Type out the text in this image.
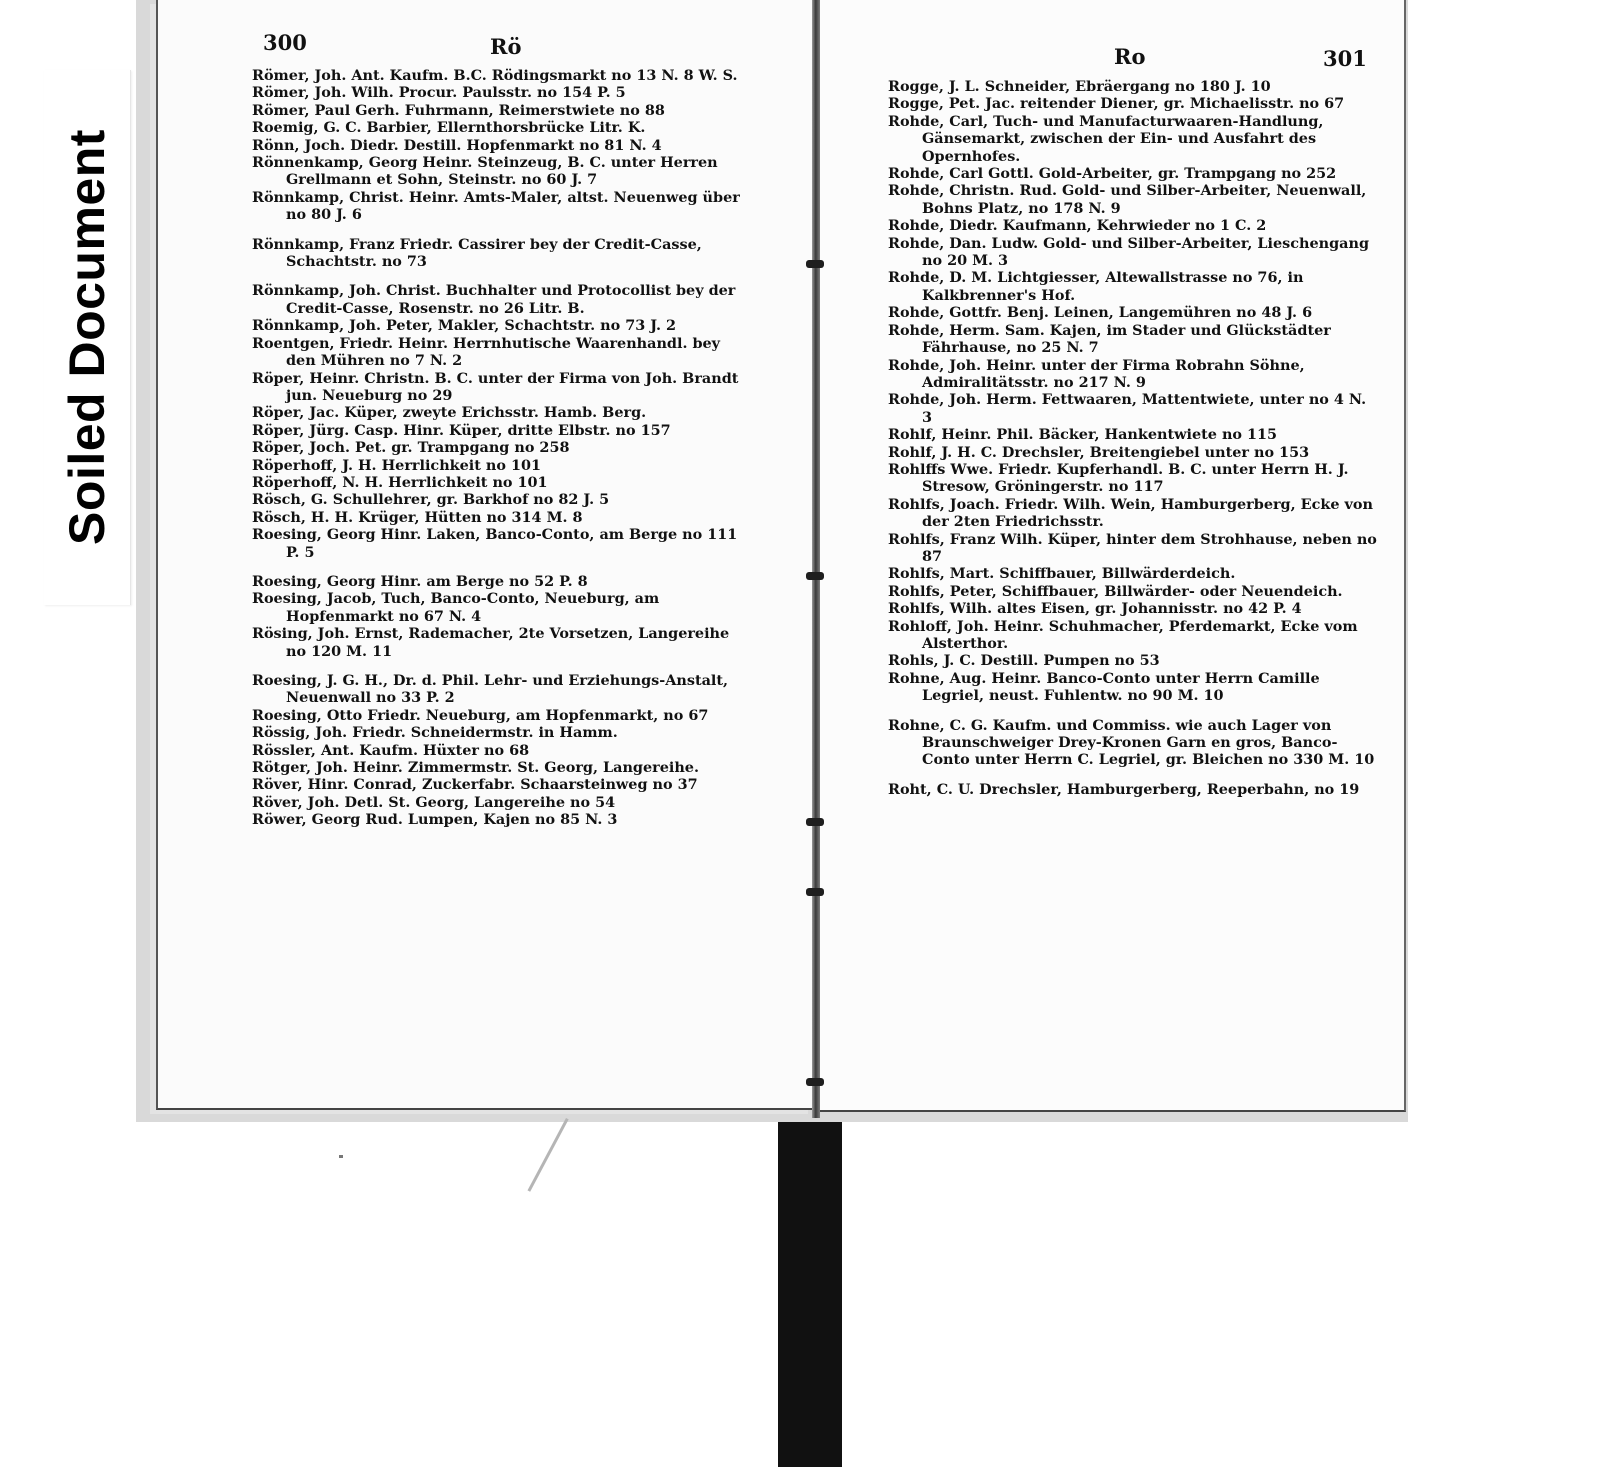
Soiled Document
300	Rö	Ro	301
Römer, Joh. Ant. Kaufm. B.C. Rödingsmarkt no 13 N. 8 W. S.
Römer, Joh. Wilh. Procur. Paulsstr. no 154 P. 5
Römer, Paul Gerh. Fuhrmann, Reimerstwiete no 88
Roemig, G. C. Barbier, Ellernthorsbrücke Litr. K.
Rönn, Joch. Diedr. Destill. Hopfenmarkt no 81 N. 4
Rönnenkamp, Georg Heinr. Steinzeug, B. C. unter Herren Grellmann et Sohn, Steinstr. no 60 J. 7
Rönnkamp, Christ. Heinr. Amts-Maler, altst. Neuenweg über no 80 J. 6
Rönnkamp, Franz Friedr. Cassirer bey der Credit-Casse, Schachtstr. no 73
Rönnkamp, Joh. Christ. Buchhalter und Protocollist bey der Credit-Casse, Rosenstr. no 26 Litr. B.
Rönnkamp, Joh. Peter, Makler, Schachtstr. no 73 J. 2
Roentgen, Friedr. Heinr. Herrnhutische Waarenhandl. bey den Mühren no 7 N. 2
Röper, Heinr. Christn. B. C. unter der Firma von Joh. Brandt jun. Neueburg no 29
Röper, Jac. Küper, zweyte Erichsstr. Hamb. Berg.
Röper, Jürg. Casp. Hinr. Küper, dritte Elbstr. no 157
Röper, Joch. Pet. gr. Trampgang no 258
Röperhoff, J. H. Herrlichkeit no 101
Röperhoff, N. H. Herrlichkeit no 101
Rösch, G. Schullehrer, gr. Barkhof no 82 J. 5
Rösch, H. H. Krüger, Hütten no 314 M. 8
Roesing, Georg Hinr. Laken, Banco-Conto, am Berge no 111 P. 5
Roesing, Georg Hinr. am Berge no 52 P. 8
Roesing, Jacob, Tuch, Banco-Conto, Neueburg, am Hopfenmarkt no 67 N. 4
Rösing, Joh. Ernst, Rademacher, 2te Vorsetzen, Langereihe no 120 M. 11
Roesing, J. G. H., Dr. d. Phil. Lehr- und Erziehungs-Anstalt, Neuenwall no 33 P. 2
Roesing, Otto Friedr. Neueburg, am Hopfenmarkt, no 67
Rössig, Joh. Friedr. Schneidermstr. in Hamm.
Rössler, Ant. Kaufm. Hüxter no 68
Rötger, Joh. Heinr. Zimmermstr. St. Georg, Langereihe.
Röver, Hinr. Conrad, Zuckerfabr. Schaarsteinweg no 37
Röver, Joh. Detl. St. Georg, Langereihe no 54
Röwer, Georg Rud. Lumpen, Kajen no 85 N. 3
Rogge, J. L. Schneider, Ebräergang no 180 J. 10
Rogge, Pet. Jac. reitender Diener, gr. Michaelisstr. no 67
Rohde, Carl, Tuch- und Manufacturwaaren-Handlung, Gänsemarkt, zwischen der Ein- und Ausfahrt des Opernhofes.
Rohde, Carl Gottl. Gold-Arbeiter, gr. Trampgang no 252
Rohde, Christn. Rud. Gold- und Silber-Arbeiter, Neuenwall, Bohns Platz, no 178 N. 9
Rohde, Diedr. Kaufmann, Kehrwieder no 1 C. 2
Rohde, Dan. Ludw. Gold- und Silber-Arbeiter, Lieschengang no 20 M. 3
Rohde, D. M. Lichtgiesser, Altewallstrasse no 76, in Kalkbrenner's Hof.
Rohde, Gottfr. Benj. Leinen, Langemühren no 48 J. 6
Rohde, Herm. Sam. Kajen, im Stader und Glückstädter Fährhause, no 25 N. 7
Rohde, Joh. Heinr. unter der Firma Robrahn Söhne, Admiralitätsstr. no 217 N. 9
Rohde, Joh. Herm. Fettwaaren, Mattentwiete, unter no 4 N. 3
Rohlf, Heinr. Phil. Bäcker, Hankentwiete no 115
Rohlf, J. H. C. Drechsler, Breitengiebel unter no 153
Rohlffs Wwe. Friedr. Kupferhandl. B. C. unter Herrn H. J. Stresow, Gröningerstr. no 117
Rohlfs, Joach. Friedr. Wilh. Wein, Hamburgerberg, Ecke von der 2ten Friedrichsstr.
Rohlfs, Franz Wilh. Küper, hinter dem Strohhause, neben no 87
Rohlfs, Mart. Schiffbauer, Billwärderdeich.
Rohlfs, Peter, Schiffbauer, Billwärder- oder Neuendeich.
Rohlfs, Wilh. altes Eisen, gr. Johannisstr. no 42 P. 4
Rohloff, Joh. Heinr. Schuhmacher, Pferdemarkt, Ecke vom Alsterthor.
Rohls, J. C. Destill. Pumpen no 53
Rohne, Aug. Heinr. Banco-Conto unter Herrn Camille Legriel, neust. Fuhlentw. no 90 M. 10
Rohne, C. G. Kaufm. und Commiss. wie auch Lager von Braunschweiger Drey-Kronen Garn en gros, Banco-Conto unter Herrn C. Legriel, gr. Bleichen no 330 M. 10
Roht, C. U. Drechsler, Hamburgerberg, Reeperbahn, no 19
